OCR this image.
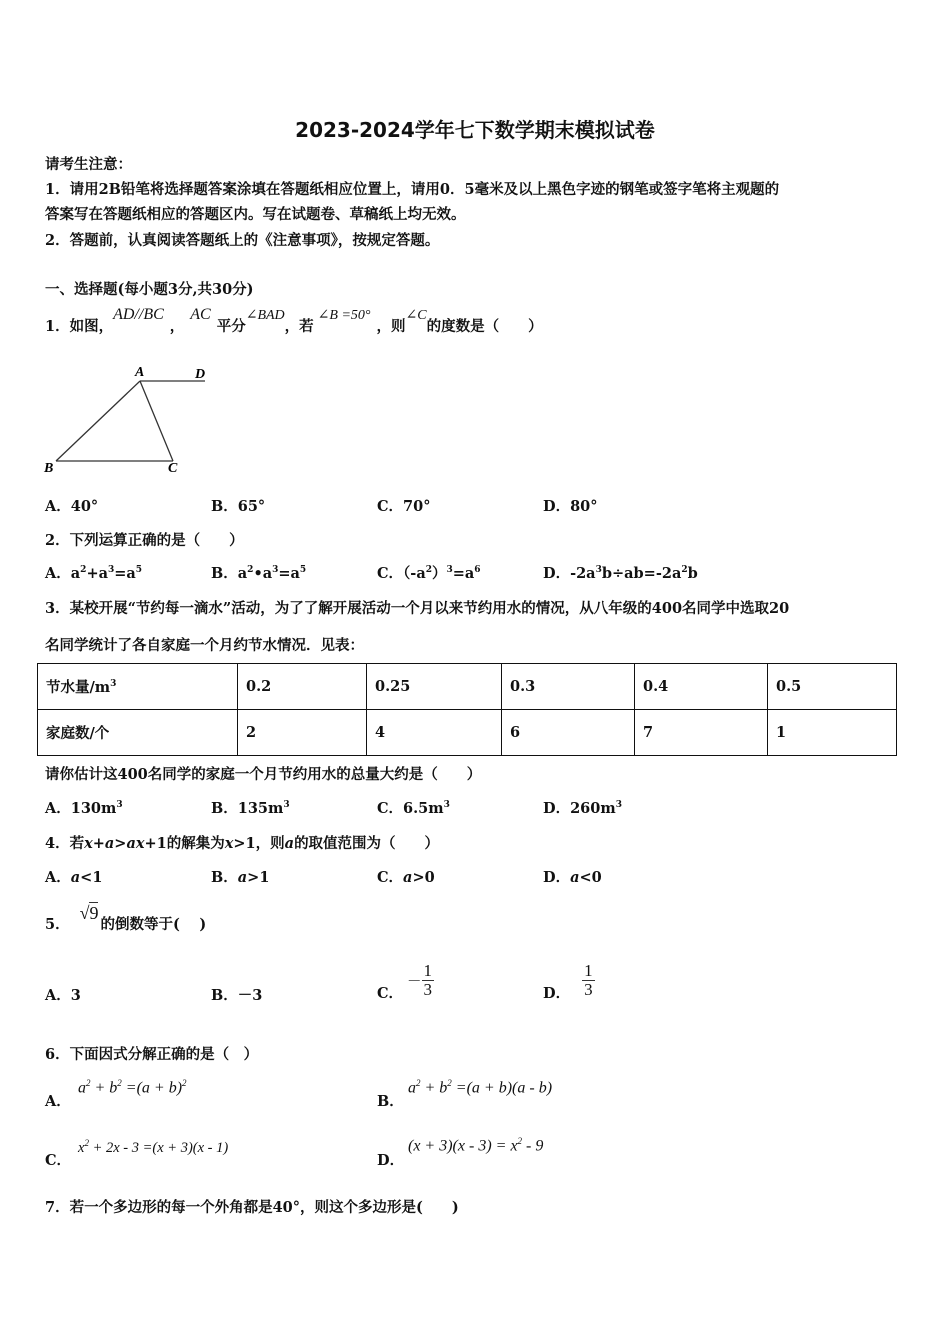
2023-2024学年七下数学期末模拟试卷
请考生注意：
1．请用2B铅笔将选择题答案涂填在答题纸相应位置上，请用0．5毫米及以上黑色字迹的钢笔或签字笔将主观题的
答案写在答题纸相应的答题区内。写在试题卷、草稿纸上均无效。
2．答题前，认真阅读答题纸上的《注意事项》，按规定答题。
一、选择题(每小题3分,共30分)
1．如图，AD//BC，AC平分∠BAD，若∠B =50°，则∠C的度数是（　　）
A	D
B	C
A．40°	B．65°	C．70°	D．80°
2．下列运算正确的是（　　）
A．$a^2+a^3=a^5$	B．$a^2•a^3=a^5$	C．$(-a^2)^3=a^6$	D．$-2a^3b\div ab=-2a^2b$
3．某校开展“节约每一滴水”活动，为了了解开展活动一个月以来节约用水的情况，从八年级的400名同学中选取20
名同学统计了各自家庭一个月约节水情况．见表：
节水量$/m^3$	0.2	0.25	0.3	0.4	0.5
家庭数/个	2	4	6	7	1
请你估计这400名同学的家庭一个月节约用水的总量大约是（　　）
A．$130m^3$	B．$135m^3$	C．$6.5m^3$	D．$260m^3$
4．若x+a>ax+1的解集为x>1，则a的取值范围为（　　）
A．a<1	B．a>1	C．a>0	D．a<0
5．√9的倒数等于(　 )
A．3	B．－3	C．－ $\frac{1}{3}$	D． $\frac{1}{3}$
6．下面因式分解正确的是（　）
A．
$a^2 + b^2 =(a + b)^2$
B．
$a^2 + b^2 =(a + b)(a - b)$
C．
$x^2 + 2x - 3 =(x + 3)(x - 1)$
D．
$(x + 3)(x - 3) = x^2 - 9$
7．若一个多边形的每一个外角都是40°，则这个多边形是(　　)
